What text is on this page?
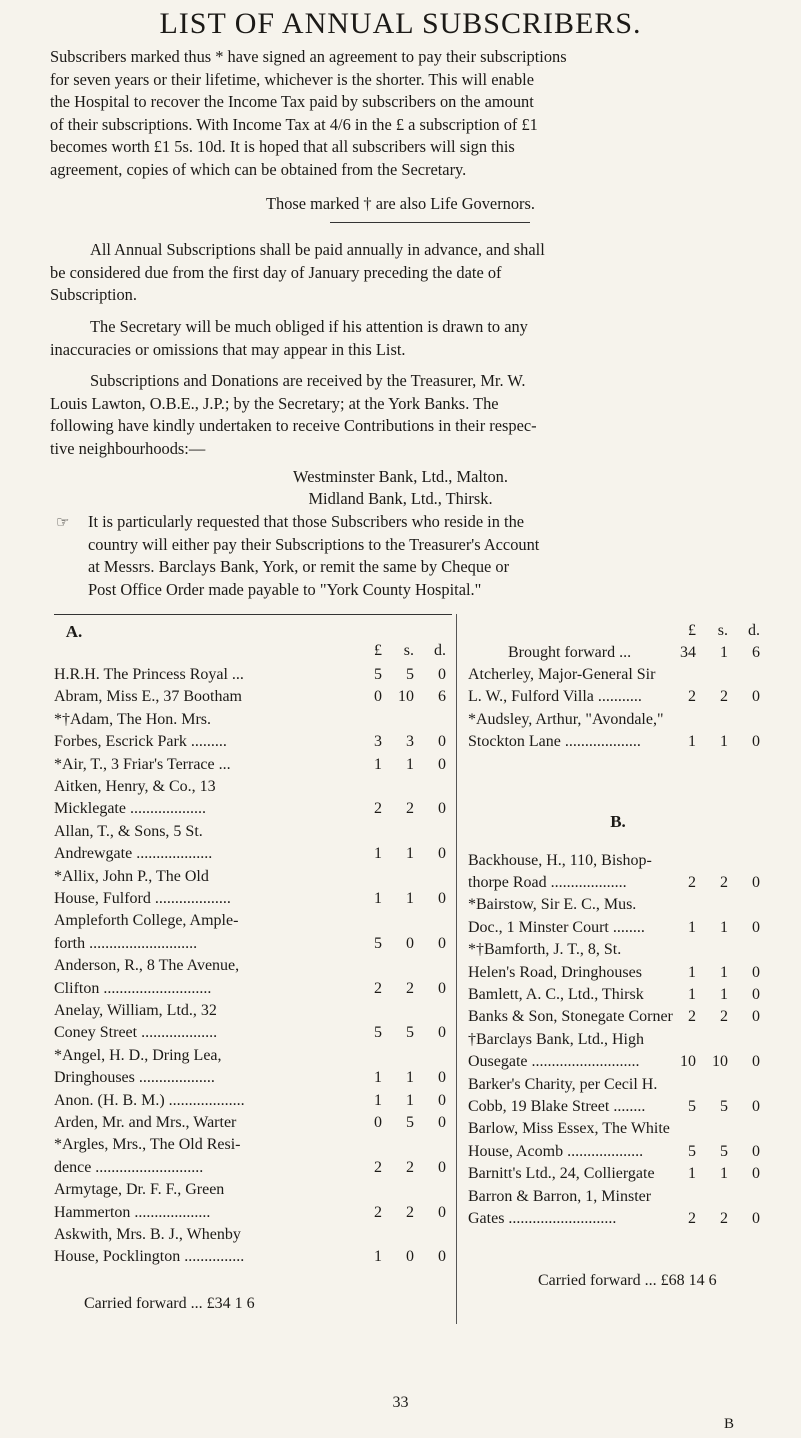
LIST OF ANNUAL SUBSCRIBERS.
Subscribers marked thus * have signed an agreement to pay their subscriptions
for seven years or their lifetime, whichever is the shorter. This will enable
the Hospital to recover the Income Tax paid by subscribers on the amount
of their subscriptions. With Income Tax at 4/6 in the £ a subscription of £1
becomes worth £1 5s. 10d. It is hoped that all subscribers will sign this
agreement, copies of which can be obtained from the Secretary.
Those marked † are also Life Governors.
All Annual Subscriptions shall be paid annually in advance, and shall
be considered due from the first day of January preceding the date of
Subscription.
The Secretary will be much obliged if his attention is drawn to any
inaccuracies or omissions that may appear in this List.
Subscriptions and Donations are received by the Treasurer, Mr. W.
Louis Lawton, O.B.E., J.P.; by the Secretary; at the York Banks. The
following have kindly undertaken to receive Contributions in their respec-
tive neighbourhoods:—
Westminster Bank, Ltd., Malton.
Midland Bank, Ltd., Thirsk.
It is particularly requested that those Subscribers who reside in the
country will either pay their Subscriptions to the Treasurer's Account
at Messrs. Barclays Bank, York, or remit the same by Cheque or
Post Office Order made payable to "York County Hospital."
☞
A.
£	s.	d.
H.R.H. The Princess Royal ...	5	5	0
Abram, Miss E., 37 Bootham	0	10	6
*†Adam, The Hon. Mrs.
Forbes, Escrick Park .........	3	3	0
*Air, T., 3 Friar's Terrace ...	1	1	0
Aitken, Henry, & Co., 13
Micklegate ...................	2	2	0
Allan, T., & Sons, 5 St.
Andrewgate ...................	1	1	0
*Allix, John P., The Old
House, Fulford ...................	1	1	0
Ampleforth College, Ample-
forth ...........................	5	0	0
Anderson, R., 8 The Avenue,
Clifton ...........................	2	2	0
Anelay, William, Ltd., 32
Coney Street ...................	5	5	0
*Angel, H. D., Dring Lea,
Dringhouses ...................	1	1	0
Anon. (H. B. M.) ...................	1	1	0
Arden, Mr. and Mrs., Warter	0	5	0
*Argles, Mrs., The Old Resi-
dence ...........................	2	2	0
Armytage, Dr. F. F., Green
Hammerton ...................	2	2	0
Askwith, Mrs. B. J., Whenby
House, Pocklington ...............	1	0	0
Carried forward ... £34 1 6
£	s.	d.
Brought forward ...	34	1	6
Atcherley, Major-General Sir
L. W., Fulford Villa ...........	2	2	0
*Audsley, Arthur, "Avondale,"
Stockton Lane ...................	1	1	0
B.
Backhouse, H., 110, Bishop-
thorpe Road ...................	2	2	0
*Bairstow, Sir E. C., Mus.
Doc., 1 Minster Court ........	1	1	0
*†Bamforth, J. T., 8, St.
Helen's Road, Dringhouses	1	1	0
Bamlett, A. C., Ltd., Thirsk	1	1	0
Banks & Son, Stonegate Corner 2	2	0
†Barclays Bank, Ltd., High
Ousegate ...........................	10	10	0
Barker's Charity, per Cecil H.
Cobb, 19 Blake Street ........	5	5	0
Barlow, Miss Essex, The White
House, Acomb ...................	5	5	0
Barnitt's Ltd., 24, Colliergate	1	1	0
Barron & Barron, 1, Minster
Gates ...........................	2	2	0
Carried forward ... £68 14 6
33
B
